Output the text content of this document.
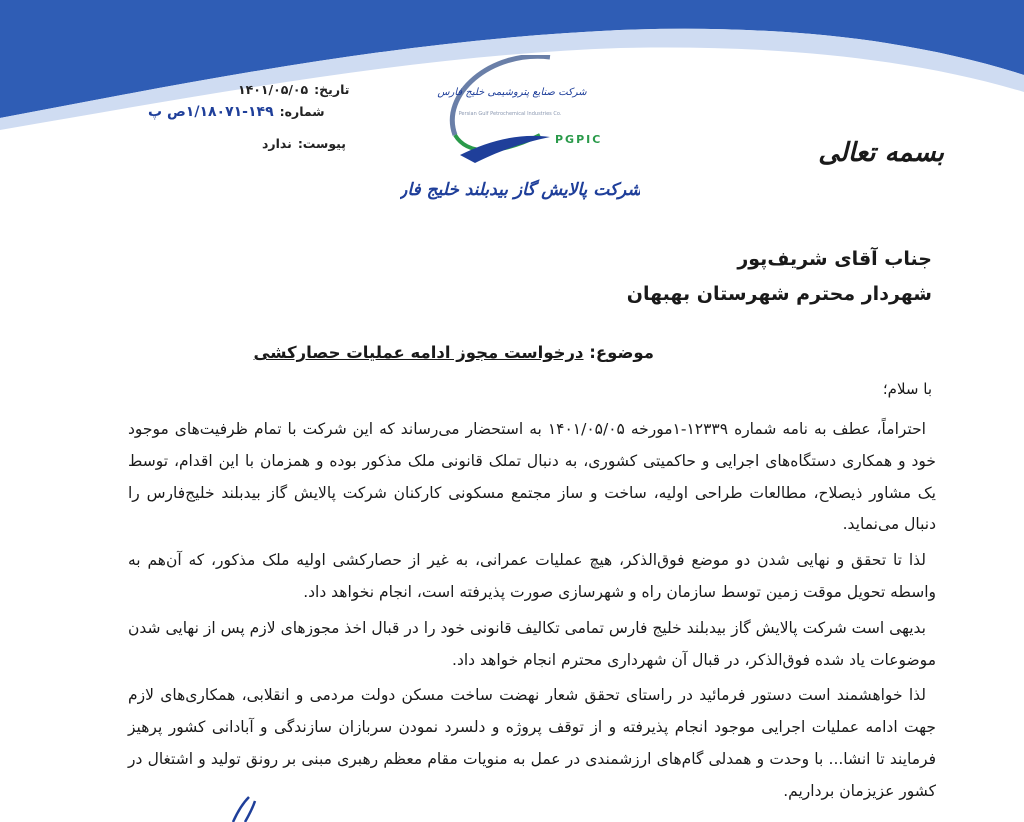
تاریخ:۱۴۰۱/۰۵/۰۵
شماره:۱۴۹-۱/۱۸۰۷۱ص پ
پیوست:ندارد
شرکت صنایع پتروشیمی خلیج فارس
Persian Gulf Petrochemical Industries Co.
PGPIC
شرکت پالایش گاز بیدبلند خلیج فارس
بسمه تعالی
جناب آقای شریف‌پور
شهردار محترم شهرستان بهبهان
موضوع: درخواست مجوز ادامه عملیات حصارکشی
با سلام؛

احتراماً، عطف به نامه شماره ۱۲۳۳۹-۱مورخه ۱۴۰۱/۰۵/۰۵ به استحضار می‌رساند که این شرکت با تمام ظرفیت‌های موجود خود و همکاری دستگاه‌های اجرایی و حاکمیتی کشوری، به دنبال تملک قانونی ملک مذکور بوده و همزمان با این اقدام، توسط یک مشاور ذیصلاح، مطالعات طراحی اولیه، ساخت و ساز مجتمع مسکونی کارکنان شرکت پالایش گاز بیدبلند خلیج‌فارس را دنبال می‌نماید.

لذا تا تحقق و نهایی شدن دو موضع فوق‌الذکر، هیچ عملیات عمرانی، به غیر از حصارکشی اولیه ملک مذکور، که آن‌هم به واسطه تحویل موقت زمین توسط سازمان راه و شهرسازی صورت پذیرفته است، انجام نخواهد داد.

بدیهی است شرکت پالایش گاز بیدبلند خلیج فارس تمامی تکالیف قانونی خود را در قبال اخذ مجوزهای لازم پس از نهایی شدن موضوعات یاد شده فوق‌الذکر، در قبال آن شهرداری محترم انجام خواهد داد.

لذا خواهشمند است دستور فرمائید در راستای تحقق شعار نهضت ساخت مسکن دولت مردمی و انقلابی، همکاری‌های لازم جهت ادامه عملیات اجرایی موجود انجام پذیرفته و از توقف پروژه و دلسرد نمودن سربازان سازندگی و آبادانی کشور پرهیز فرمایند تا انشا... با وحدت و همدلی گام‌های ارزشمندی در عمل به منویات مقام معظم رهبری مبنی بر رونق تولید و اشتغال در کشور عزیزمان برداریم.
